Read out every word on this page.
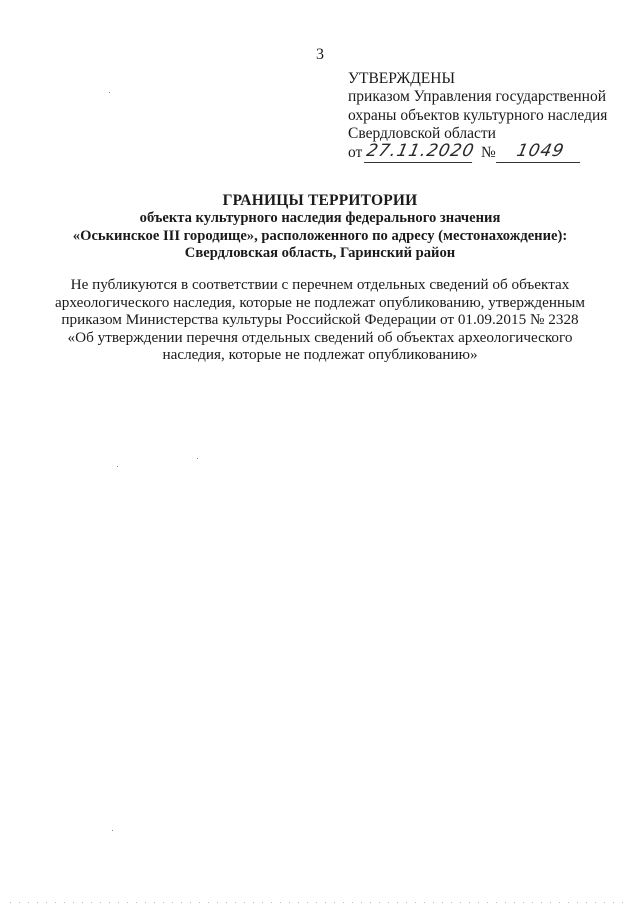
3
УТВЕРЖДЕНЫ
приказом Управления государственной
охраны объектов культурного наследия
Свердловской области
от 27.11.2020 №	1049
ГРАНИЦЫ ТЕРРИТОРИИ
объекта культурного наследия федерального значения
«Оськинское III городище», расположенного по адресу (местонахождение):
Свердловская область, Гаринский район
Не публикуются в соответствии с перечнем отдельных сведений об объектах
археологического наследия, которые не подлежат опубликованию, утвержденным
приказом Министерства культуры Российской Федерации от 01.09.2015 № 2328
«Об утверждении перечня отдельных сведений об объектах археологического
наследия, которые не подлежат опубликованию»
